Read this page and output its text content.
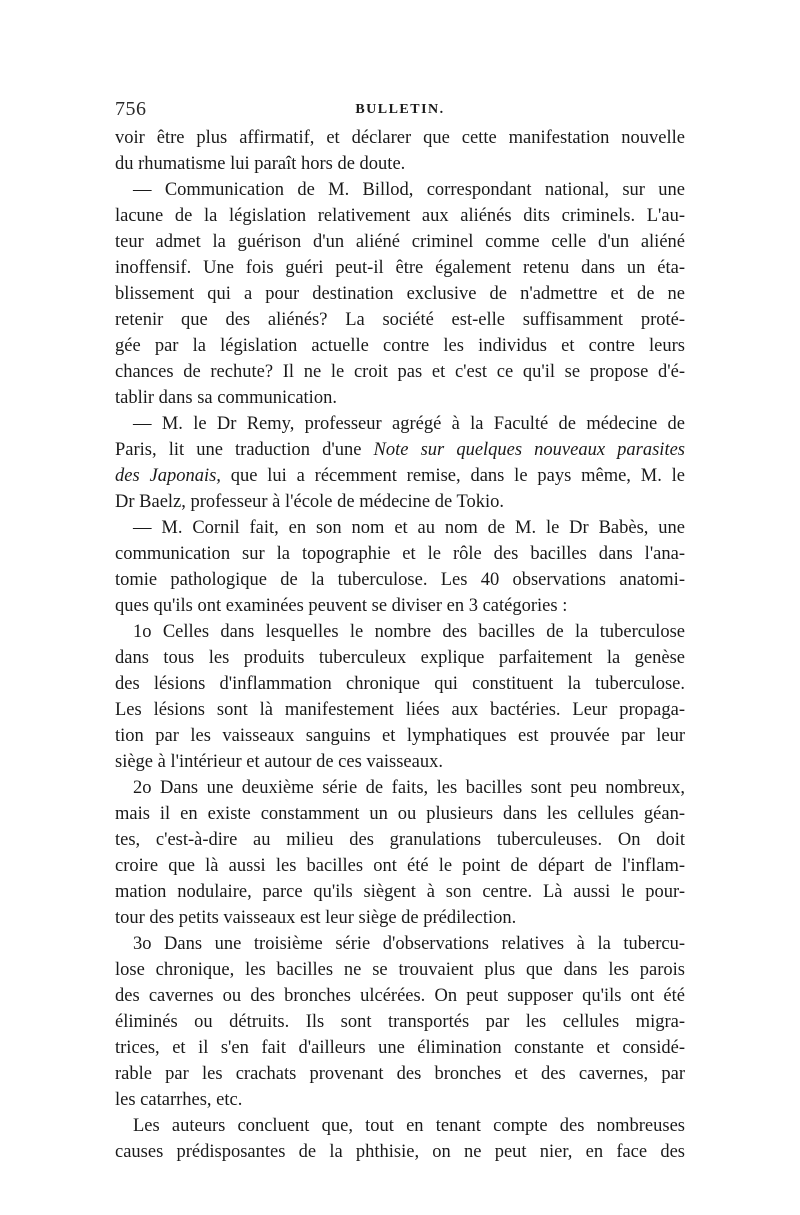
756	BULLETIN.
voir être plus affirmatif, et déclarer que cette manifestation nouvelle
du rhumatisme lui paraît hors de doute.
— Communication de M. Billod, correspondant national, sur une
lacune de la législation relativement aux aliénés dits criminels. L'au-
teur admet la guérison d'un aliéné criminel comme celle d'un aliéné
inoffensif. Une fois guéri peut-il être également retenu dans un éta-
blissement qui a pour destination exclusive de n'admettre et de ne
retenir que des aliénés? La société est-elle suffisamment proté-
gée par la législation actuelle contre les individus et contre leurs
chances de rechute? Il ne le croit pas et c'est ce qu'il se propose d'é-
tablir dans sa communication.
— M. le Dr Remy, professeur agrégé à la Faculté de médecine de
Paris, lit une traduction d'une Note sur quelques nouveaux parasites
des Japonais, que lui a récemment remise, dans le pays même, M. le
Dr Baelz, professeur à l'école de médecine de Tokio.
— M. Cornil fait, en son nom et au nom de M. le Dr Babès, une
communication sur la topographie et le rôle des bacilles dans l'ana-
tomie pathologique de la tuberculose. Les 40 observations anatomi-
ques qu'ils ont examinées peuvent se diviser en 3 catégories :
1o Celles dans lesquelles le nombre des bacilles de la tuberculose
dans tous les produits tuberculeux explique parfaitement la genèse
des lésions d'inflammation chronique qui constituent la tuberculose.
Les lésions sont là manifestement liées aux bactéries. Leur propaga-
tion par les vaisseaux sanguins et lymphatiques est prouvée par leur
siège à l'intérieur et autour de ces vaisseaux.
2o Dans une deuxième série de faits, les bacilles sont peu nombreux,
mais il en existe constamment un ou plusieurs dans les cellules géan-
tes, c'est-à-dire au milieu des granulations tuberculeuses. On doit
croire que là aussi les bacilles ont été le point de départ de l'inflam-
mation nodulaire, parce qu'ils siègent à son centre. Là aussi le pour-
tour des petits vaisseaux est leur siège de prédilection.
3o Dans une troisième série d'observations relatives à la tubercu-
lose chronique, les bacilles ne se trouvaient plus que dans les parois
des cavernes ou des bronches ulcérées. On peut supposer qu'ils ont été
éliminés ou détruits. Ils sont transportés par les cellules migra-
trices, et il s'en fait d'ailleurs une élimination constante et considé-
rable par les crachats provenant des bronches et des cavernes, par
les catarrhes, etc.
Les auteurs concluent que, tout en tenant compte des nombreuses
causes prédisposantes de la phthisie, on ne peut nier, en face des
